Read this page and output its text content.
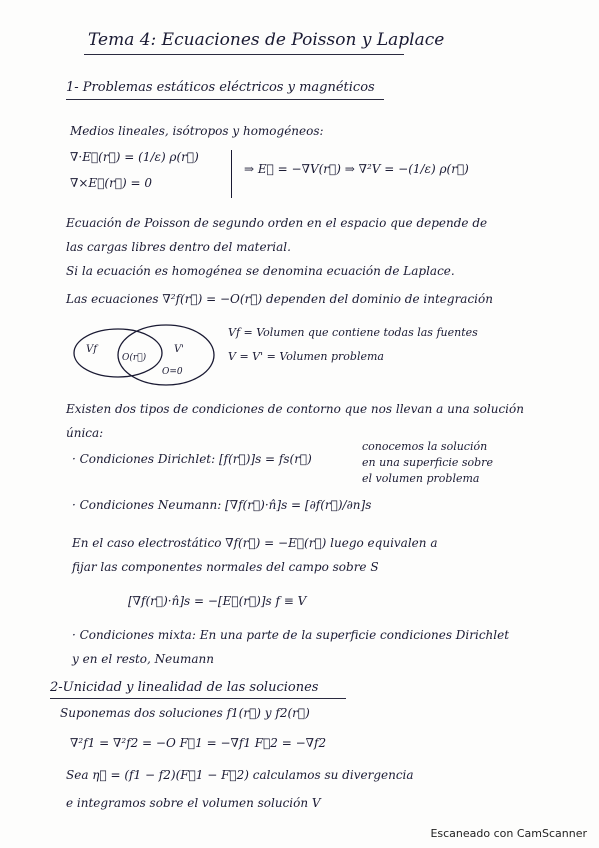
Tema 4: Ecuaciones de Poisson y Laplace
1- Problemas estáticos eléctricos y magnéticos
Medios lineales, isótropos y homogéneos:
∇·E⃗(r⃗) = (1/ε) ρ(r⃗)
∇×E⃗(r⃗) = 0
⇒ E⃗ = −∇V(r⃗) ⇒ ∇²V = −(1/ε) ρ(r⃗)
Ecuación de Poisson de segundo orden en el espacio que depende de
las cargas libres dentro del material.
Si la ecuación es homogénea se denomina ecuación de Laplace.
Las ecuaciones ∇²f(r⃗) = −O(r⃗) dependen del dominio de integración
Vf
O(r⃗)
V'
O=0
Vf = Volumen que contiene todas las fuentes
V = V' = Volumen problema
Existen dos tipos de condiciones de contorno que nos llevan a una solución
única:
· Condiciones Dirichlet: [f(r⃗)]s = fs(r⃗)
conocemos la solución
en una superficie sobre
el volumen problema
· Condiciones Neumann: [∇f(r⃗)·n̂]s = [∂f(r⃗)/∂n]s
En el caso electrostático ∇f(r⃗) = −E⃗(r⃗) luego equivalen a
fijar las componentes normales del campo sobre S
[∇f(r⃗)·n̂]s = −[E⃗(r⃗)]s f ≡ V
· Condiciones mixta: En una parte de la superficie condiciones Dirichlet
y en el resto, Neumann
2-Unicidad y linealidad de las soluciones
Suponemas dos soluciones f1(r⃗) y f2(r⃗)
∇²f1 = ∇²f2 = −O F⃗1 = −∇f1 F⃗2 = −∇f2
Sea η⃗ = (f1 − f2)(F⃗1 − F⃗2) calculamos su divergencia
e integramos sobre el volumen solución V
Escaneado con CamScanner
